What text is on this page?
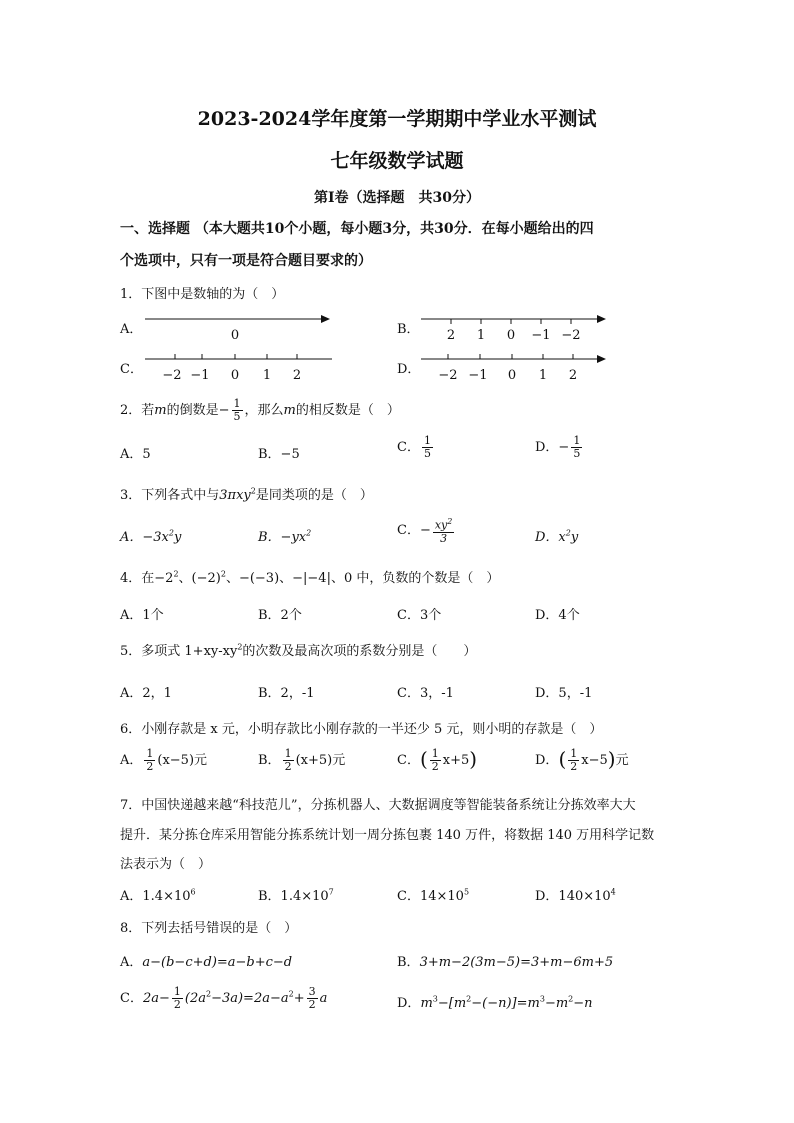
2023-2024学年度第一学期期中学业水平测试
七年级数学试题
第Ⅰ卷（选择题　共30分）
一、选择题 （本大题共10个小题，每小题3分，共30分．在每小题给出的四
个选项中，只有一项是符合题目要求的）
1．下图中是数轴的为（　）
A．	0	B． 2 1 0 −1 −2
C． −2 −1 0 1 2	D． −2 −1 0 1 2
2．若m的倒数是− $\frac{1}{5}$ ，那么m的相反数是（　）
A．5	B．−5	C． $\frac{1}{5}$	D．− $\frac{1}{5}$
3．下列各式中与3πxy$^2$是同类项的是（　）
A．$-3x^2y$	B．$-yx^2$	C．− $\frac{xy^2}{3}$	D．$x^2y$
4．在$-2^2$、$(-2)^2$、−(−3)、−|−4|、0 中，负数的个数是（　）
A．1个	B．2个	C．3个	D．4个
5．多项式 $1+xy-xy^2$的次数及最高次项的系数分别是（　　）
A．2，1	B．2，-1	C．3，-1	D．5，-1
6．小刚存款是 x 元，小明存款比小刚存款的一半还少 5 元，则小明的存款是（　）
A． $\frac{1}{2} (x-5)$元	B． $\frac{1}{2} (x+5)$元	C．( $\frac{1}{2} x+5$)	D．( $\frac{1}{2} x-5$)元
7．中国快递越来越“科技范儿”，分拣机器人、大数据调度等智能装备系统让分拣效率大大
提升．某分拣仓库采用智能分拣系统计划一周分拣包裹 140 万件，将数据 140 万用科学记数
法表示为（　）
A．$1.4\times 10^6$	B．$1.4\times 10^7$	C．$14\times 10^5$	D．$140\times 10^4$
8．下列去括号错误的是（　）
A．a−(b−c+d)=a−b+c−d	B．3+m−2(3m−5)=3+m−6m+5
C．$2a- \frac{1}{2} (2a^2-3a)=2a-a^2+ \frac{3}{2}$ a	D．$m^3-[m^2-(-n)]=m^3-m^2-n$
